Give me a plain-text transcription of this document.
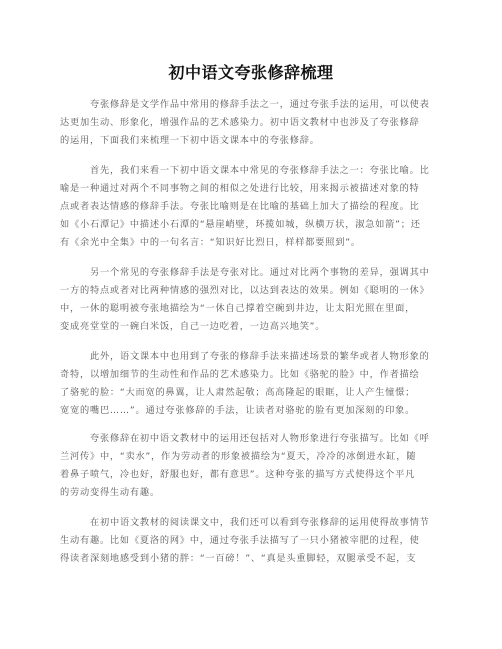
初中语文夸张修辞梳理
夸张修辞是文学作品中常用的修辞手法之一，通过夸张手法的运用，可以使表
达更加生动、形象化，增强作品的艺术感染力。初中语文教材中也涉及了夸张修辞
的运用，下面我们来梳理一下初中语文课本中的夸张修辞。
首先，我们来看一下初中语文课本中常见的夸张修辞手法之一：夸张比喻。比
喻是一种通过对两个不同事物之间的相似之处进行比较，用来揭示被描述对象的特
点或者表达情感的修辞手法。夸张比喻则是在比喻的基础上加大了描绘的程度。比
如《小石潭记》中描述小石潭的“悬崖峭壁，环揽如城，纵横万状，淑急如箭”；还
有《余光中全集》中的一句名言：“知识好比烈日，样样都要照到”。
另一个常见的夸张修辞手法是夸张对比。通过对比两个事物的差异，强调其中
一方的特点或者对比两种情感的强烈对比，以达到表达的效果。例如《聪明的一休》
中，一休的聪明被夸张地描绘为“一休自己撑着空碗到井边，让太阳光照在里面，
变成亮堂堂的一碗白米饭，自己一边吃着，一边高兴地笑”。
此外，语文课本中也用到了夸张的修辞手法来描述场景的繁华或者人物形象的
奇特，以增加细节的生动性和作品的艺术感染力。比如《骆驼的脸》中，作者描绘
了骆驼的脸：“大而宽的鼻翼，让人肃然起敬；高高隆起的眼眶，让人产生憧憬；
宽宽的嘴巴……”。通过夸张修辞的手法，让读者对骆驼的脸有更加深刻的印象。
夸张修辞在初中语文教材中的运用还包括对人物形象进行夸张描写。比如《呼
兰河传》中，“卖水”，作为劳动者的形象被描绘为“夏天，冷冷的冰倒进水缸，随
着鼻子喷气，冷也好，舒服也好，都有意思”。这种夸张的描写方式使得这个平凡
的劳动变得生动有趣。
在初中语文教材的阅读课文中，我们还可以看到夸张修辞的运用使得故事情节
生动有趣。比如《夏洛的网》中，通过夸张手法描写了一只小猪被宰肥的过程，使
得读者深刻地感受到小猪的胖：“一百磅！”、“真是头重脚轻，双腿承受不起，支
